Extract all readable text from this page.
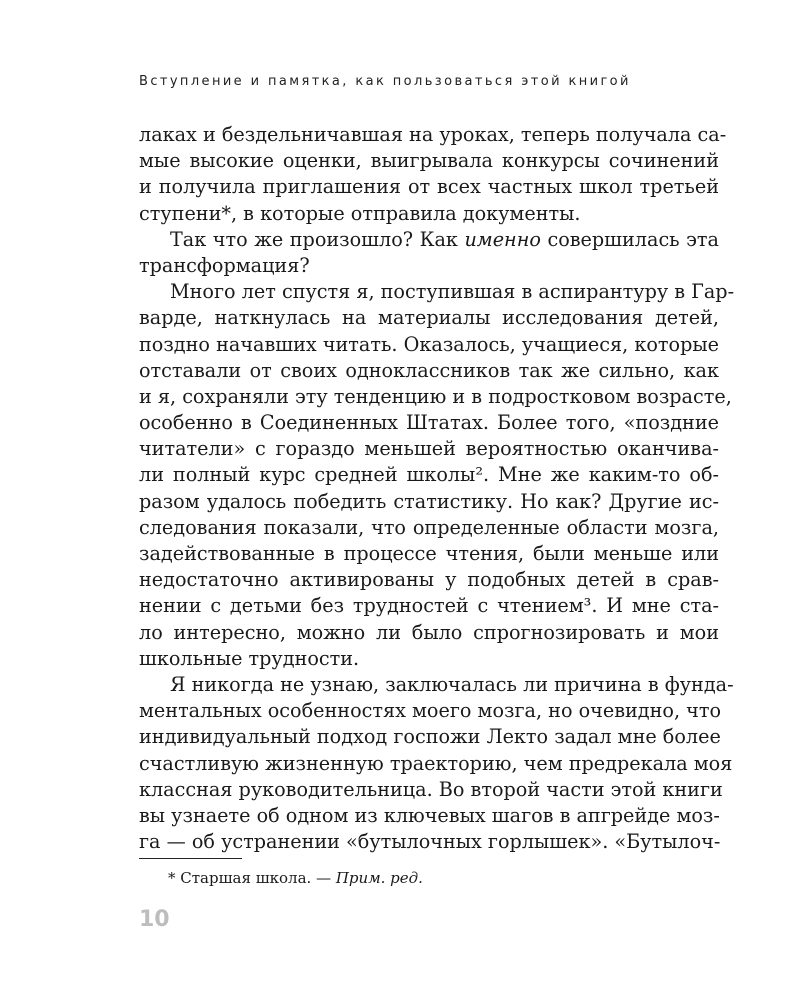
Вступление и памятка, как пользоваться этой книгой
лаках и бездельничавшая на уроках, теперь получала са-
мые высокие оценки, выигрывала конкурсы сочинений
и получила приглашения от всех частных школ третьей
ступени*, в которые отправила документы.
Так что же произошло? Как именно совершилась эта
трансформация?
Много лет спустя я, поступившая в аспирантуру в Гар-
варде, наткнулась на материалы исследования детей,
поздно начавших читать. Оказалось, учащиеся, которые
отставали от своих одноклассников так же сильно, как
и я, сохраняли эту тенденцию и в подростковом возрасте,
особенно в Соединенных Штатах. Более того, «поздние
читатели» с гораздо меньшей вероятностью оканчива-
ли полный курс средней школы². Мне же каким-то об-
разом удалось победить статистику. Но как? Другие ис-
следования показали, что определенные области мозга,
задействованные в процессе чтения, были меньше или
недостаточно активированы у подобных детей в срав-
нении с детьми без трудностей с чтением³. И мне ста-
ло интересно, можно ли было спрогнозировать и мои
школьные трудности.
Я никогда не узнаю, заключалась ли причина в фунда-
ментальных особенностях моего мозга, но очевидно, что
индивидуальный подход госпожи Лекто задал мне более
счастливую жизненную траекторию, чем предрекала моя
классная руководительница. Во второй части этой книги
вы узнаете об одном из ключевых шагов в апгрейде моз-
га — об устранении «бутылочных горлышек». «Бутылоч-
* Старшая школа. — Прим. ред.
10
